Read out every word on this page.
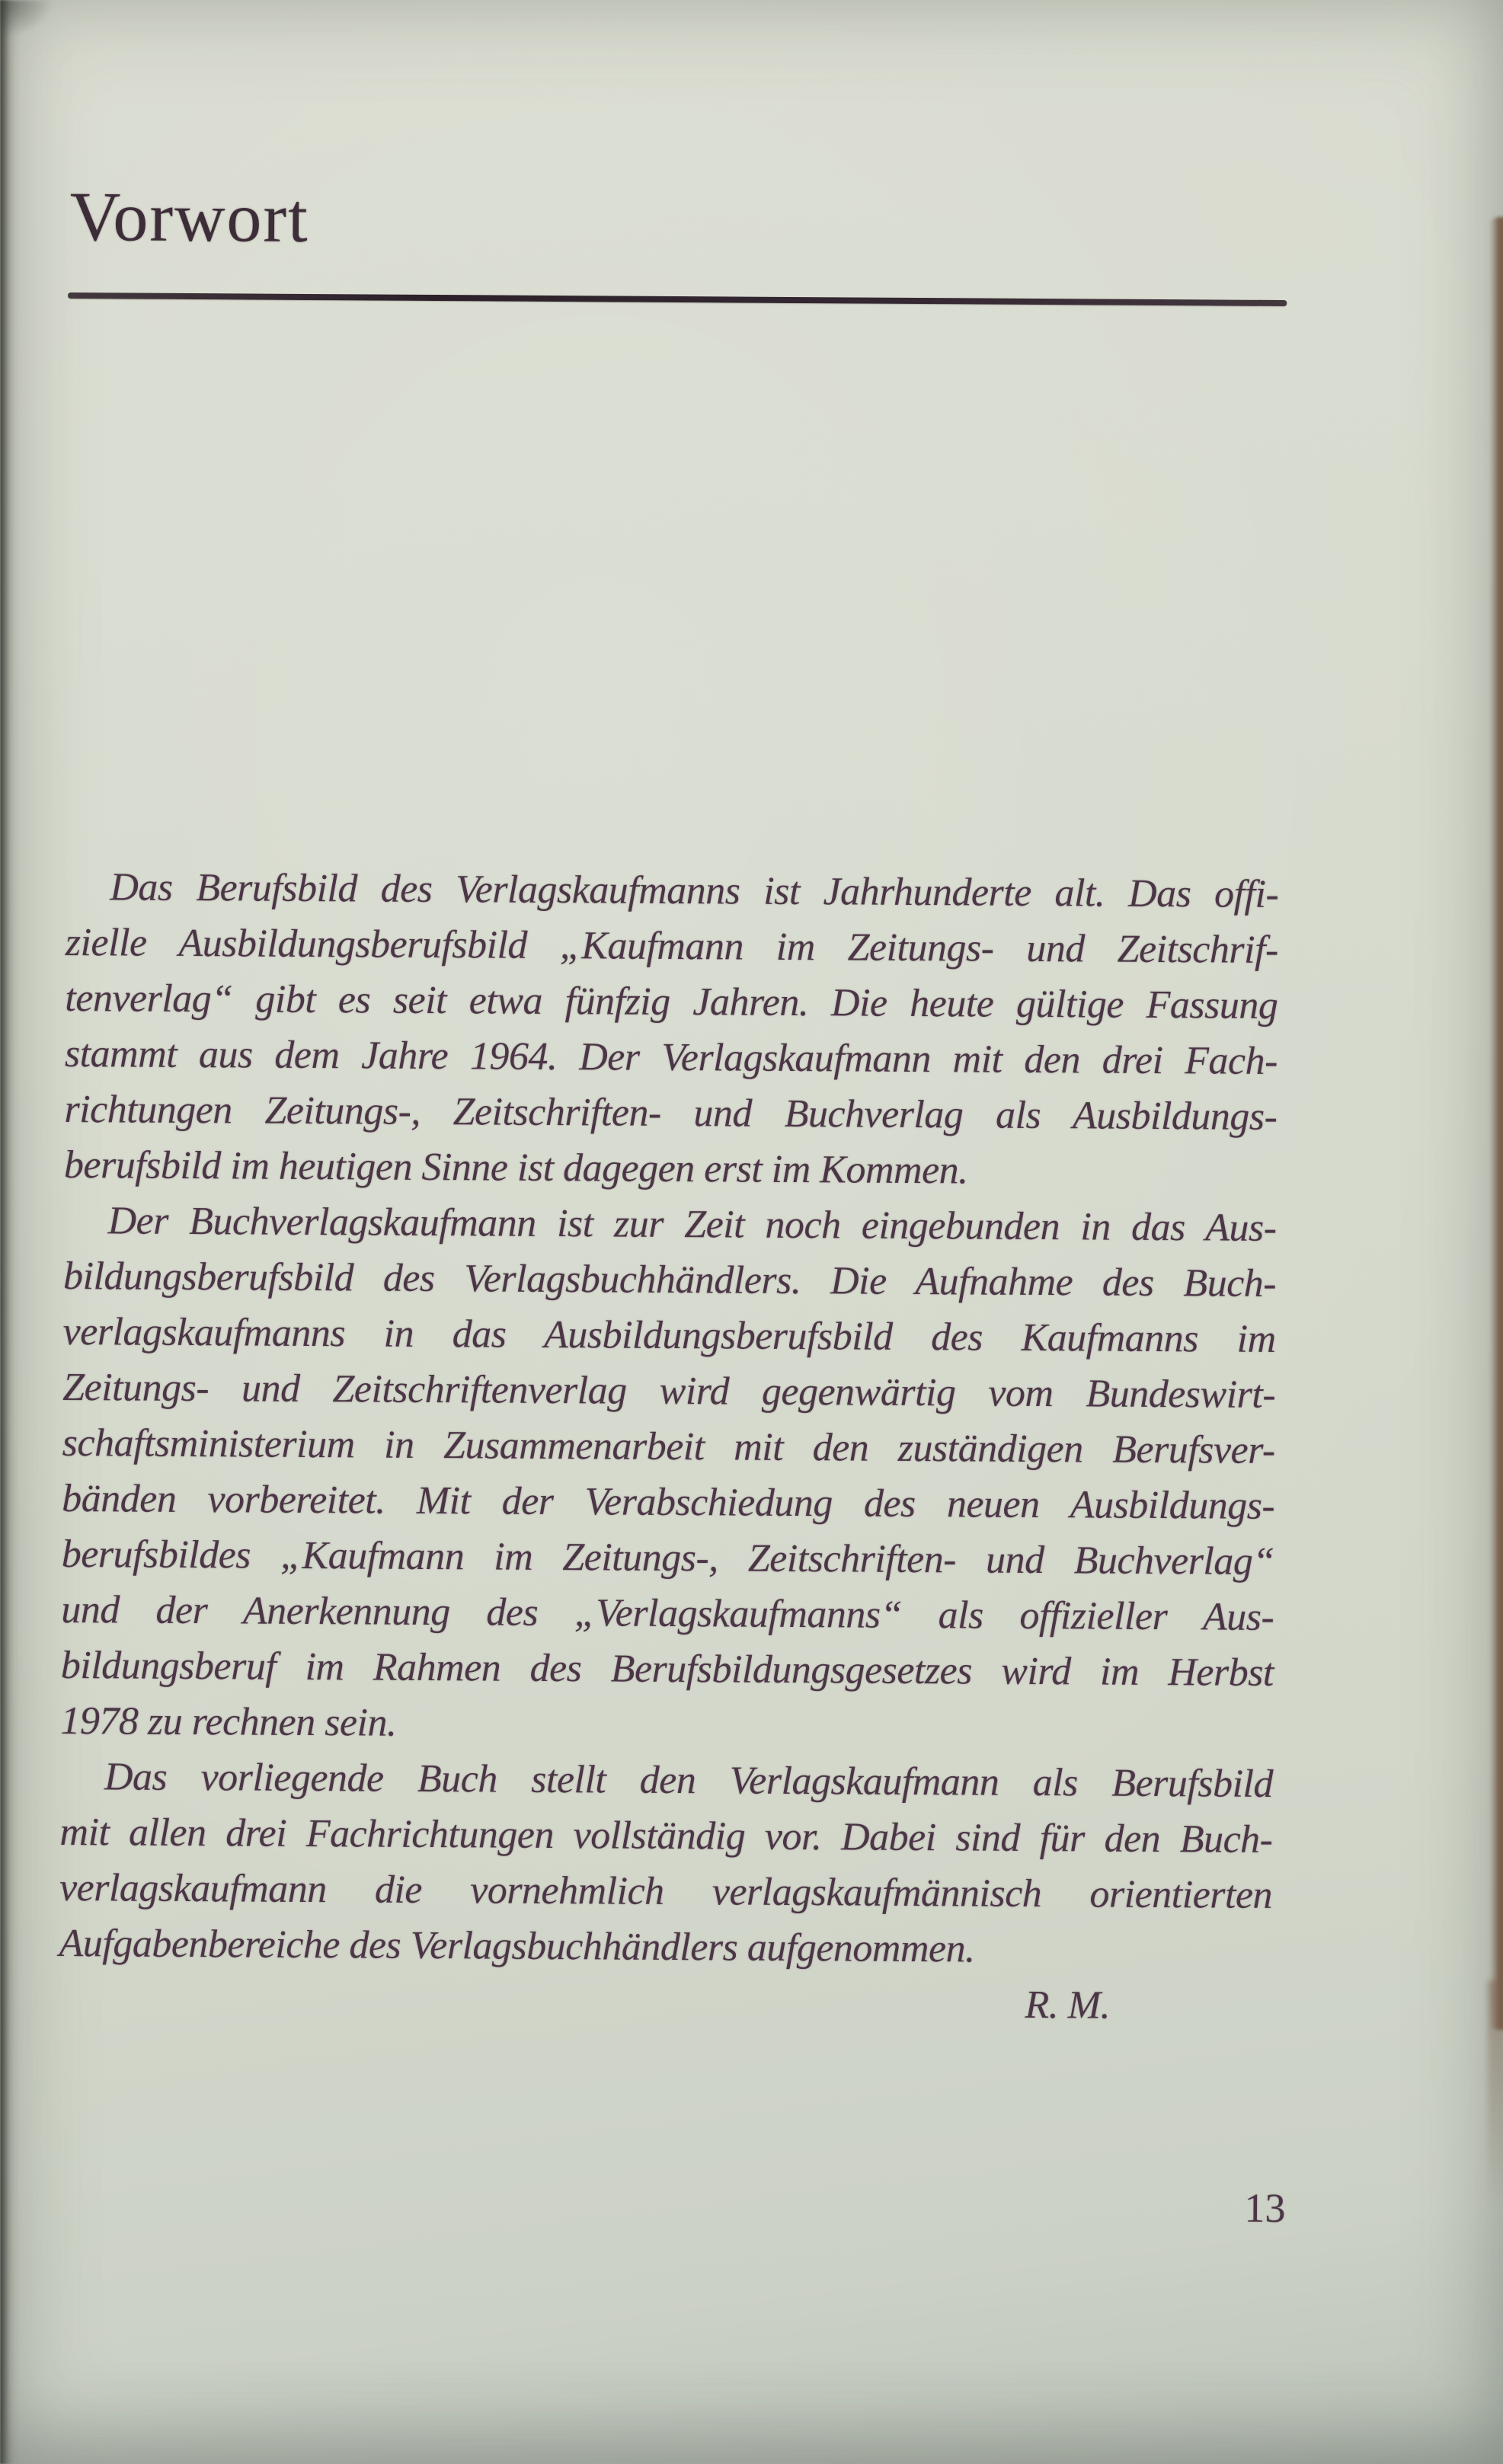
Vorwort
Das Berufsbild des Verlagskaufmanns ist Jahrhunderte alt. Das offi-
zielle Ausbildungsberufsbild „Kaufmann im Zeitungs- und Zeitschrif-
tenverlag“ gibt es seit etwa fünfzig Jahren. Die heute gültige Fassung
stammt aus dem Jahre 1964. Der Verlagskaufmann mit den drei Fach-
richtungen Zeitungs-, Zeitschriften- und Buchverlag als Ausbildungs-
berufsbild im heutigen Sinne ist dagegen erst im Kommen.
Der Buchverlagskaufmann ist zur Zeit noch eingebunden in das Aus-
bildungsberufsbild des Verlagsbuchhändlers. Die Aufnahme des Buch-
verlagskaufmanns in das Ausbildungsberufsbild des Kaufmanns im
Zeitungs- und Zeitschriftenverlag wird gegenwärtig vom Bundeswirt-
schaftsministerium in Zusammenarbeit mit den zuständigen Berufsver-
bänden vorbereitet. Mit der Verabschiedung des neuen Ausbildungs-
berufsbildes „Kaufmann im Zeitungs-, Zeitschriften- und Buchverlag“
und der Anerkennung des „Verlagskaufmanns“ als offizieller Aus-
bildungsberuf im Rahmen des Berufsbildungsgesetzes wird im Herbst
1978 zu rechnen sein.
Das vorliegende Buch stellt den Verlagskaufmann als Berufsbild
mit allen drei Fachrichtungen vollständig vor. Dabei sind für den Buch-
verlagskaufmann die vornehmlich verlagskaufmännisch orientierten
Aufgabenbereiche des Verlagsbuchhändlers aufgenommen.
R. M.
13
